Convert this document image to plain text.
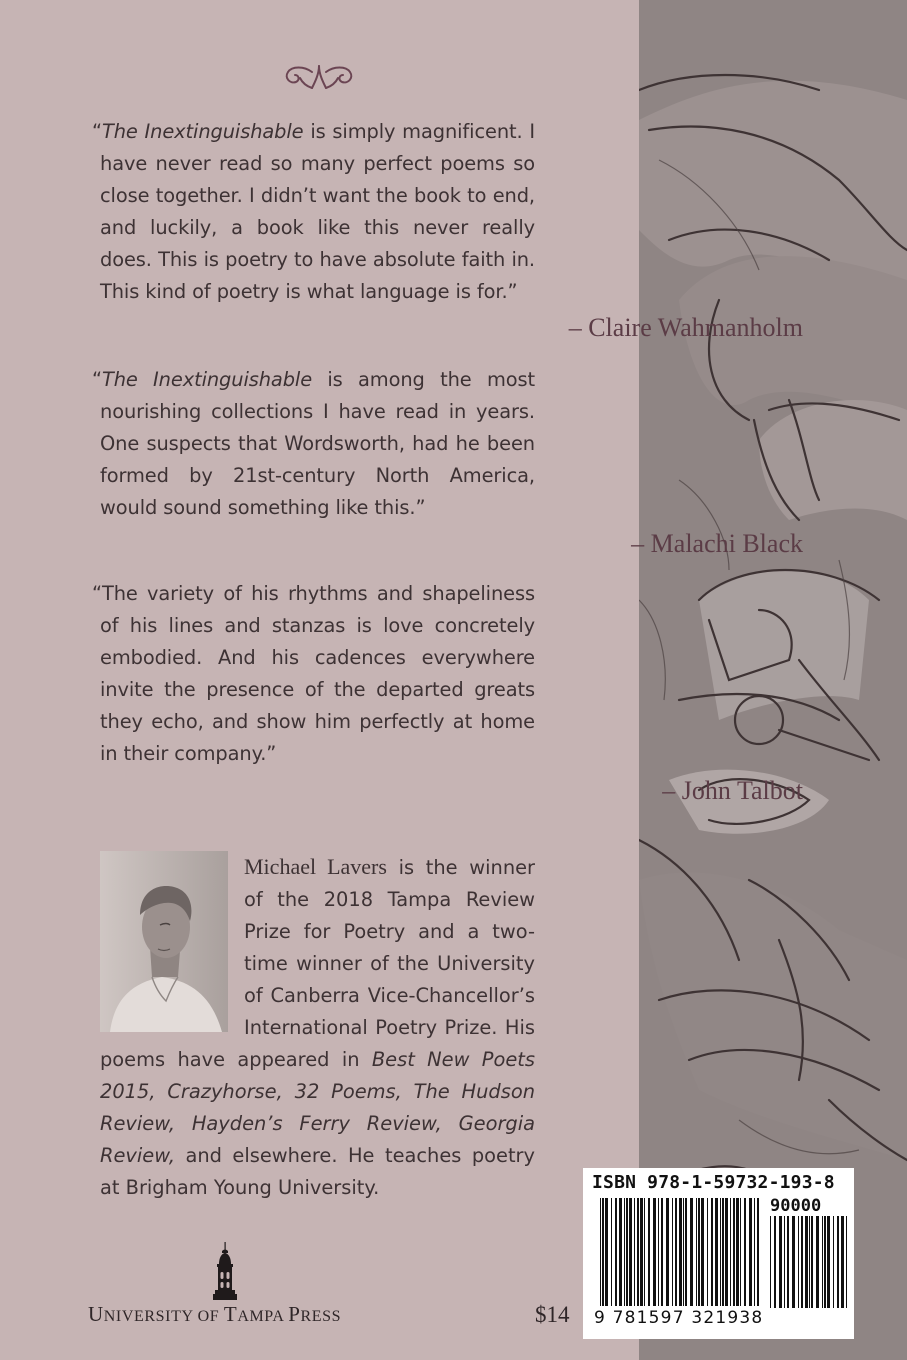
“The Inextinguishable is simply magnificent. I have never read so many perfect poems so close together. I didn’t want the book to end, and luckily, a book like this never really does. This is poetry to have absolute faith in. This kind of poetry is what language is for.”

– Claire Wahmanholm

“The Inextinguishable is among the most nourishing collections I have read in years. One suspects that Wordsworth, had he been formed by 21st-century North America, would sound something like this.”

– Malachi Black

“The variety of his rhythms and shapeliness of his lines and stanzas is love concretely embodied. And his cadences everywhere invite the presence of the departed greats they echo, and show him perfectly at home in their company.”

– John Talbot

Michael Lavers is the winner of the 2018 Tampa Review Prize for Poetry and a two-time winner of the University of Canberra Vice-Chancellor’s International Poetry Prize. His poems have appeared in Best New Poets 2015, Crazyhorse, 32 Poems, The Hudson Review, Hayden’s Ferry Review, Georgia Review, and elsewhere. He teaches poetry at Brigham Young University.

UNIVERSITY OF TAMPA PRESS	$14
ISBN 978-1-59732-193-8
90000
9 781597 321938
